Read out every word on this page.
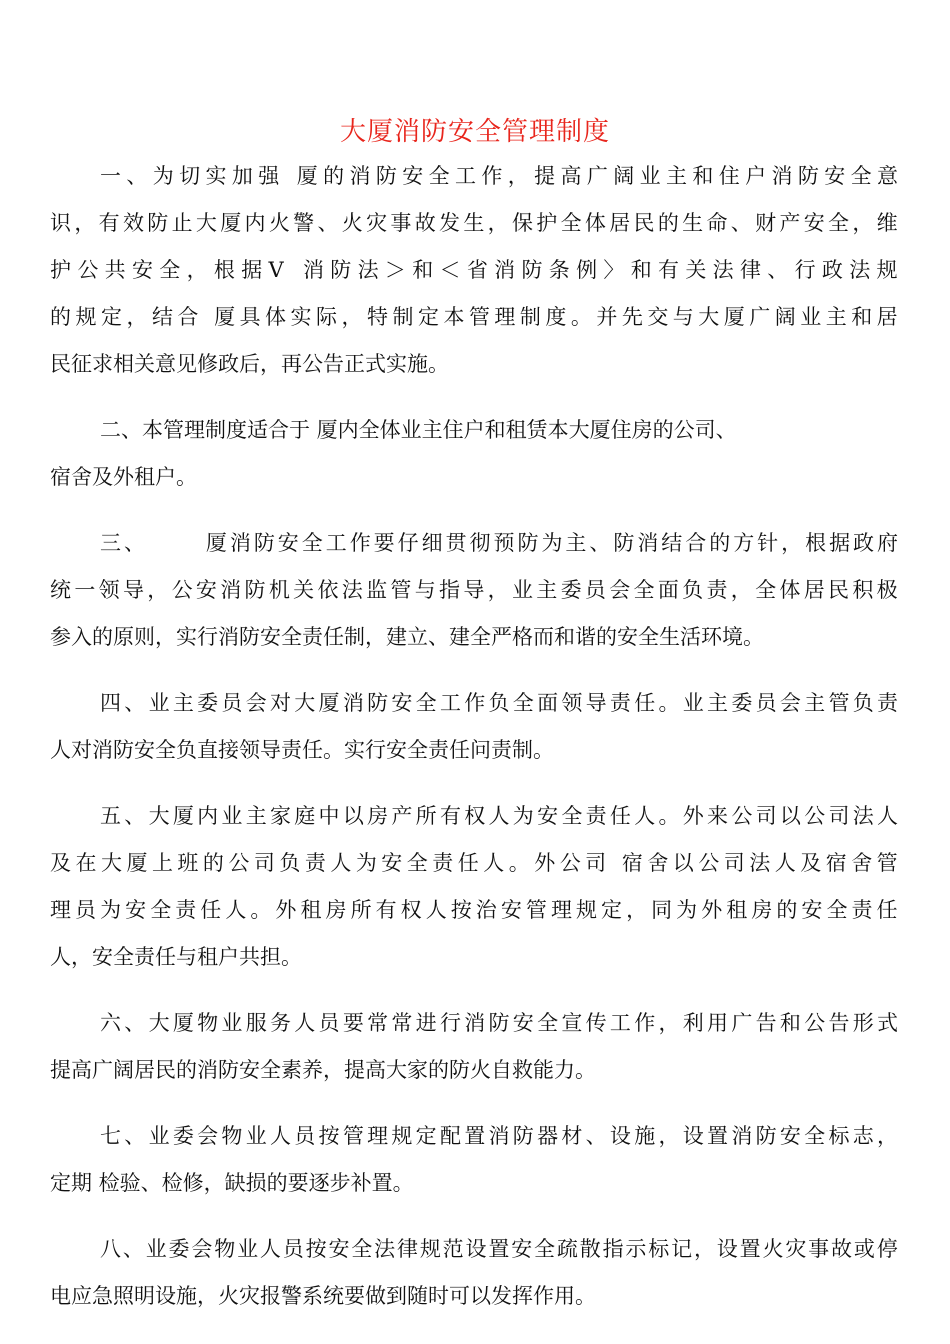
大厦消防安全管理制度
一 、 为 切 实 加 强
厦 的 消 防 安 全 工 作 ， 提 高 广 阔 业 主 和 住 户 消 防 安 全 意
识 ， 有 效 防 止 大 厦 内 火 警 、 火 灾 事 故 发 生 ， 保 护 全 体 居 民 的 生 命 、 财 产 安 全 ， 维
护 公 共 安 全 ， 根 据 V
消 防 法 ＞ 和 ＜ 省 消 防 条 例 〉 和 有 关 法 律 、 行 政 法 规
的 规 定 ， 结 合
厦 具 体 实 际 ， 特 制 定 本 管 理 制 度 。 并 先 交 与 大 厦 广 阔 业 主 和 居
民征求相关意见修政后，再公告正式实施。
二、本管理制度适合于 厦内全体业主住户和租赁本大厦住房的公司、
宿舍及外租户。
三 、

	厦 消 防 安 全 工 作 要 仔 细 贯 彻 预 防 为 主 、 防 消 结 合 的 方 针 ， 根 据 政 府
统 一 领 导 ， 公 安 消 防 机 关 依 法 监 管 与 指 导 ， 业 主 委 员 会 全 面 负 责 ， 全 体 居 民 积 极
参入的原则，实行消防安全责任制，建立、建全严格而和谐的安全生活环境。
四 、 业 主 委 员 会 对 大 厦 消 防 安 全 工 作 负 全 面 领 导 责 任 。 业 主 委 员 会 主 管 负 责
人对消防安全负直接领导责任。实行安全责任问责制。
五 、 大 厦 内 业 主 家 庭 中 以 房 产 所 有 权 人 为 安 全 责 任 人 。 外 来 公 司 以 公 司 法 人
及 在 大 厦 上 班 的 公 司 负 责 人 为 安 全 责 任 人 。 外 公 司
宿 舍 以 公 司 法 人 及 宿 舍 管
理 员 为 安 全 责 任 人 。 外 租 房 所 有 权 人 按 治 安 管 理 规 定 ， 同 为 外 租 房 的 安 全 责 任
人，安全责任与租户共担。
六 、 大 厦 物 业 服 务 人 员 要 常 常 进 行 消 防 安 全 宣 传 工 作 ， 利 用 广 告 和 公 告 形 式
提高广阔居民的消防安全素养，提高大家的防火自救能力。
七 、 业 委 会 物 业 人 员 按 管 理 规 定 配 置 消 防 器 材 、 设 施 ， 设 置 消 防 安 全 标 志 ，
定期 检验、检修，缺损的要逐步补置。
八 、 业 委 会 物 业 人 员 按 安 全 法 律 规 范 设 置 安 全 疏 散 指 示 标 记 ， 设 置 火 灾 事 故 或 停
电应急照明设施，火灾报警系统要做到随时可以发挥作用。
